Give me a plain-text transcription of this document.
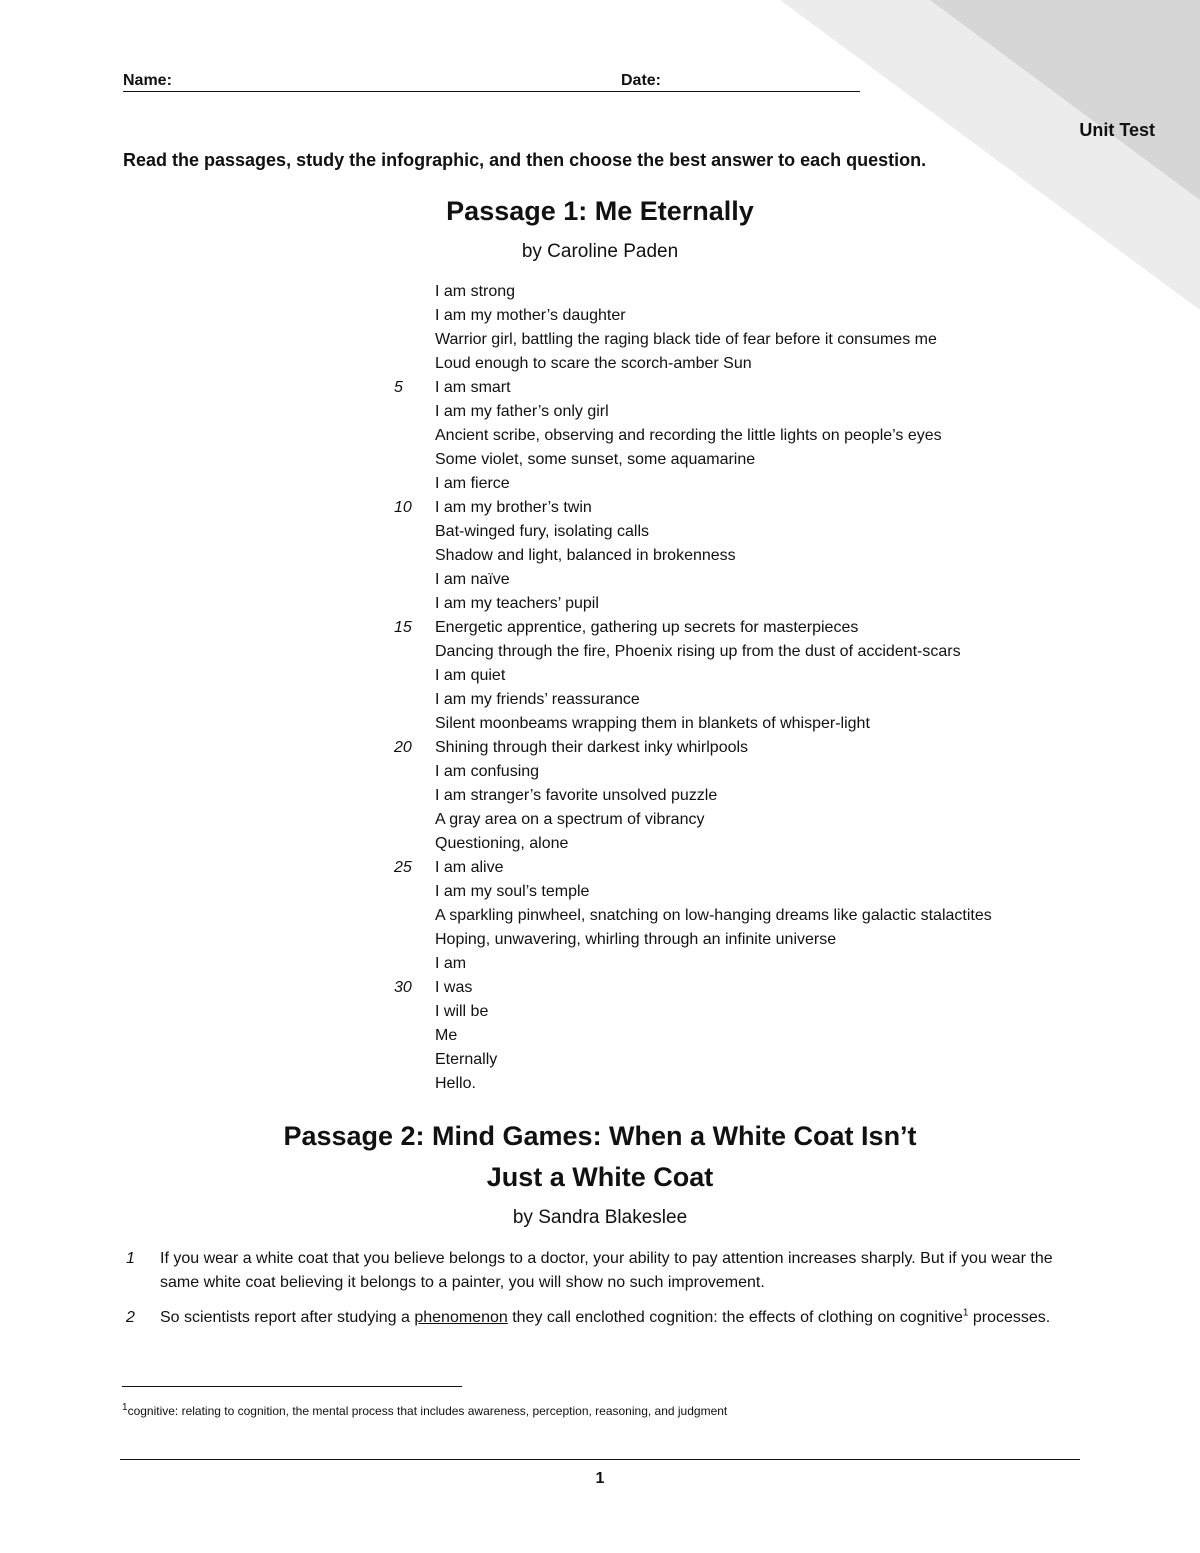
Name:	Date:
Unit Test
Read the passages, study the infographic, and then choose the best answer to each question.
Passage 1: Me Eternally
by Caroline Paden
I am strong
I am my mother’s daughter
Warrior girl, battling the raging black tide of fear before it consumes me
Loud enough to scare the scorch-amber Sun
5	I am smart
I am my father’s only girl
Ancient scribe, observing and recording the little lights on people’s eyes
Some violet, some sunset, some aquamarine
I am fierce
10	I am my brother’s twin
Bat-winged fury, isolating calls
Shadow and light, balanced in brokenness
I am naïve
I am my teachers’ pupil
15	Energetic apprentice, gathering up secrets for masterpieces
Dancing through the fire, Phoenix rising up from the dust of accident-scars
I am quiet
I am my friends’ reassurance
Silent moonbeams wrapping them in blankets of whisper-light
20	Shining through their darkest inky whirlpools
I am confusing
I am stranger’s favorite unsolved puzzle
A gray area on a spectrum of vibrancy
Questioning, alone
25	I am alive
I am my soul’s temple
A sparkling pinwheel, snatching on low-hanging dreams like galactic stalactites
Hoping, unwavering, whirling through an infinite universe
I am
30	I was
I will be
Me
Eternally
Hello.
Passage 2: Mind Games: When a White Coat Isn’t
Just a White Coat
by Sandra Blakeslee
1 If you wear a white coat that you believe belongs to a doctor, your ability to pay attention increases sharply. But if you wear the same white coat believing it belongs to a painter, you will show no such improvement.
2 So scientists report after studying a phenomenon they call enclothed cognition: the effects of clothing on cognitive$^1$ processes.
$^1$cognitive: relating to cognition, the mental process that includes awareness, perception, reasoning, and judgment
1
